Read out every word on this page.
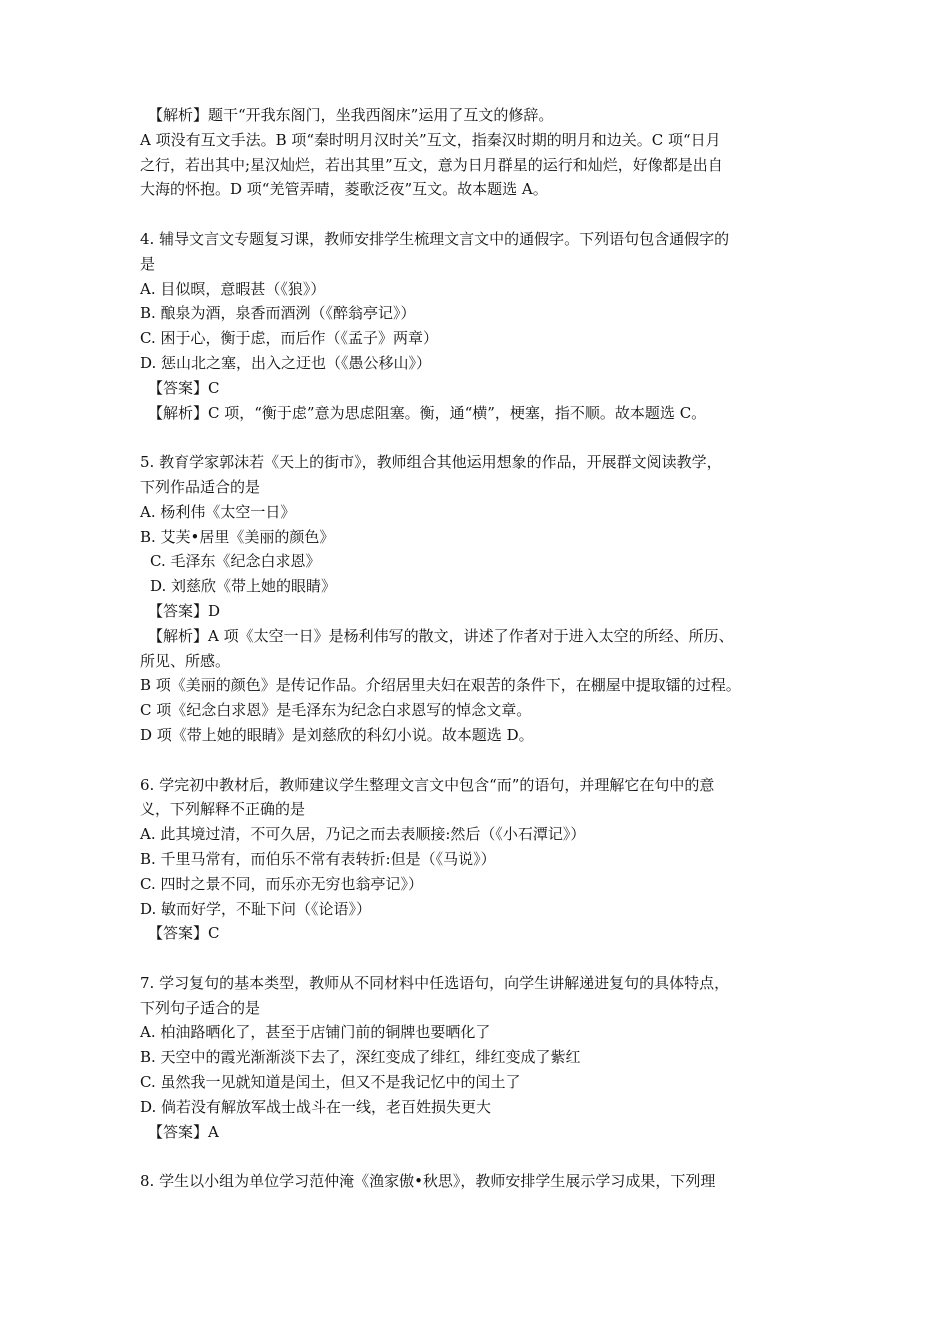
【解析】题干“开我东阁门，坐我西阁床”运用了互文的修辞。
A 项没有互文手法。B 项“秦时明月汉时关”互文，指秦汉时期的明月和边关。C 项“日月
之行，若出其中;星汉灿烂，若出其里”互文，意为日月群星的运行和灿烂，好像都是出自
大海的怀抱。D 项“羌管弄晴，菱歌泛夜”互文。故本题选 A。
4. 辅导文言文专题复习课，教师安排学生梳理文言文中的通假字。下列语句包含通假字的
是
A. 目似暝，意暇甚（《狼》）
B. 酿泉为酒，泉香而酒洌（《醉翁亭记》）
C. 困于心，衡于虑，而后作（《孟子》两章）
D. 惩山北之塞，出入之迂也（《愚公移山》）
【答案】C
【解析】C 项，“衡于虑”意为思虑阻塞。衡，通“横”，梗塞，指不顺。故本题选 C。
5. 教育学家郭沫若《天上的街市》，教师组合其他运用想象的作品，开展群文阅读教学，
下列作品适合的是
A. 杨利伟《太空一日》
B. 艾芙•居里《美丽的颜色》
C. 毛泽东《纪念白求恩》
D. 刘慈欣《带上她的眼睛》
【答案】D
【解析】A 项《太空一日》是杨利伟写的散文，讲述了作者对于进入太空的所经、所历、
所见、所感。
B 项《美丽的颜色》是传记作品。介绍居里夫妇在艰苦的条件下，在棚屋中提取镭的过程。
C 项《纪念白求恩》是毛泽东为纪念白求恩写的悼念文章。
D 项《带上她的眼睛》是刘慈欣的科幻小说。故本题选 D。
6. 学完初中教材后，教师建议学生整理文言文中包含“而”的语句，并理解它在句中的意
义，下列解释不正确的是
A. 此其境过清，不可久居，乃记之而去表顺接:然后（《小石潭记》）
B. 千里马常有，而伯乐不常有表转折:但是（《马说》）
C. 四时之景不同，而乐亦无穷也翁亭记》）
D. 敏而好学，不耻下问（《论语》）
【答案】C
7. 学习复句的基本类型，教师从不同材料中任选语句，向学生讲解递进复句的具体特点，
下列句子适合的是
A. 柏油路晒化了，甚至于店铺门前的铜牌也要晒化了
B. 天空中的霞光渐渐淡下去了，深红变成了绯红，绯红变成了紫红
C. 虽然我一见就知道是闰土，但又不是我记忆中的闰土了
D. 倘若没有解放军战士战斗在一线，老百姓损失更大
【答案】A
8. 学生以小组为单位学习范仲淹《渔家傲•秋思》，教师安排学生展示学习成果，下列理
